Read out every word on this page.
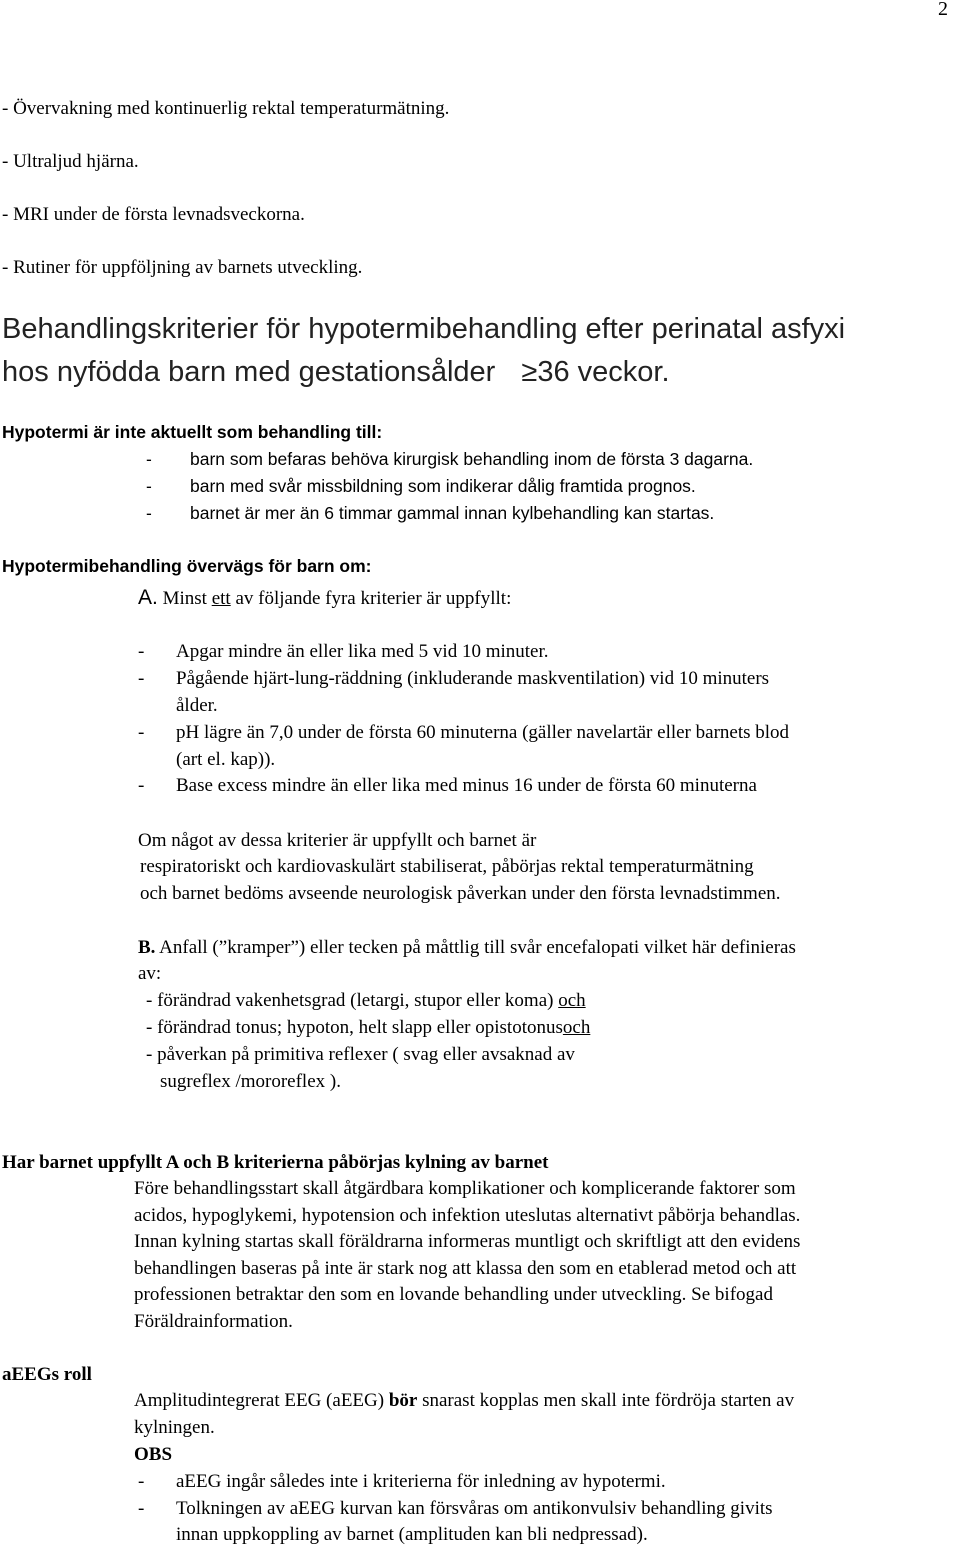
2
- Övervakning med kontinuerlig rektal temperaturmätning.
- Ultraljud hjärna.
- MRI under de första levnadsveckorna.
- Rutiner för uppföljning av barnets utveckling.
Behandlingskriterier för hypotermibehandling efter perinatal asfyxi
hos nyfödda barn med gestationsålder ≥36 veckor.
Hypotermi är inte aktuellt som behandling till:
- barn som befaras behöva kirurgisk behandling inom de första 3 dagarna.
- barn med svår missbildning som indikerar dålig framtida prognos.
- barnet är mer än 6 timmar gammal innan kylbehandling kan startas.
Hypotermibehandling övervägs för barn om:
A. Minst ett av följande fyra kriterier är uppfyllt:
- Apgar mindre än eller lika med 5 vid 10 minuter.
- Pågående hjärt-lung-räddning (inkluderande maskventilation) vid 10 minuters
ålder.
- pH lägre än 7,0 under de första 60 minuterna (gäller navelartär eller barnets blod
(art el. kap)).
- Base excess mindre än eller lika med minus 16 under de första 60 minuterna
Om något av dessa kriterier är uppfyllt och barnet är
respiratoriskt och kardiovaskulärt stabiliserat, påbörjas rektal temperaturmätning
och barnet bedöms avseende neurologisk påverkan under den första levnadstimmen.
B. Anfall (”kramper”) eller tecken på måttlig till svår encefalopati vilket här definieras
av:
- förändrad vakenhetsgrad (letargi, stupor eller koma) och
- förändrad tonus; hypoton, helt slapp eller opistotonusoch
- påverkan på primitiva reflexer ( svag eller avsaknad av
sugreflex /mororeflex ).
Har barnet uppfyllt A och B kriterierna påbörjas kylning av barnet
Före behandlingsstart skall åtgärdbara komplikationer och komplicerande faktorer som
acidos, hypoglykemi, hypotension och infektion uteslutas alternativt påbörja behandlas.
Innan kylning startas skall föräldrarna informeras muntligt och skriftligt att den evidens
behandlingen baseras på inte är stark nog att klassa den som en etablerad metod och att
professionen betraktar den som en lovande behandling under utveckling. Se bifogad
Föräldrainformation.
aEEGs roll
Amplitudintegrerat EEG (aEEG) bör snarast kopplas men skall inte fördröja starten av
kylningen.
OBS
- aEEG ingår således inte i kriterierna för inledning av hypotermi.
- Tolkningen av aEEG kurvan kan försvåras om antikonvulsiv behandling givits
innan uppkoppling av barnet (amplituden kan bli nedpressad).
